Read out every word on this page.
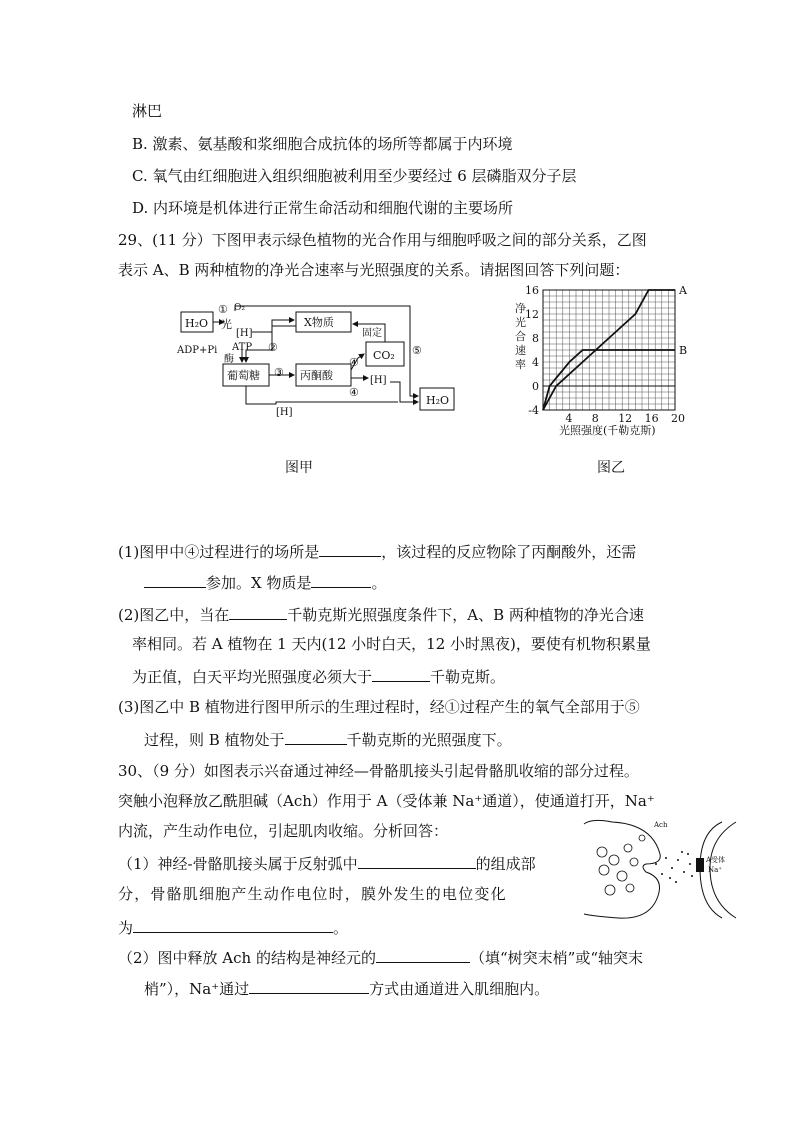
淋巴
B. 激素、氨基酸和浆细胞合成抗体的场所等都属于内环境
C. 氧气由红细胞进入组织细胞被利用至少要经过 6 层磷脂双分子层
D. 内环境是机体进行正常生命活动和细胞代谢的主要场所
29、(11 分）下图甲表示绿色植物的光合作用与细胞呼吸之间的部分关系，乙图
表示 A、B 两种植物的净光合速率与光照强度的关系。请据图回答下列问题：
H₂O
① O₂
光
[H]
ATP
ADP+Pi
酶
②
X物质
固定
CO₂ ⑤
葡萄糖	丙酮酸
③
④
④
[H]
[H]
H₂O
图甲
4 8 12 16 20
16
12
8
4
0
-4
A
B
净光合速率
光照强度(千勒克斯)
图乙
(1)图甲中④过程进行的场所是	，该过程的反应物除了丙酮酸外，还需
参加。X 物质是	。
(2)图乙中，当在	千勒克斯光照强度条件下，A、B 两种植物的净光合速
率相同。若 A 植物在 1 天内(12 小时白天，12 小时黑夜)，要使有机物积累量
为正值，白天平均光照强度必须大于	千勒克斯。
(3)图乙中 B 植物进行图甲所示的生理过程时，经①过程产生的氧气全部用于⑤
过程，则 B 植物处于	千勒克斯的光照强度下。
30、（9 分）如图表示兴奋通过神经—骨骼肌接头引起骨骼肌收缩的部分过程。
突触小泡释放乙酰胆碱（Ach）作用于 A（受体兼 Na⁺通道），使通道打开，Na⁺
内流，产生动作电位，引起肌肉收缩。分析回答：
（1）神经-骨骼肌接头属于反射弧中	的组成部
分，骨骼肌细胞产生动作电位时，膜外发生的电位变化
为	。
（2）图中释放 Ach 的结构是神经元的	（填“树突末梢”或“轴突末
梢”），Na⁺通过	方式由通道进入肌细胞内。
Ach
A受体
Na⁺
